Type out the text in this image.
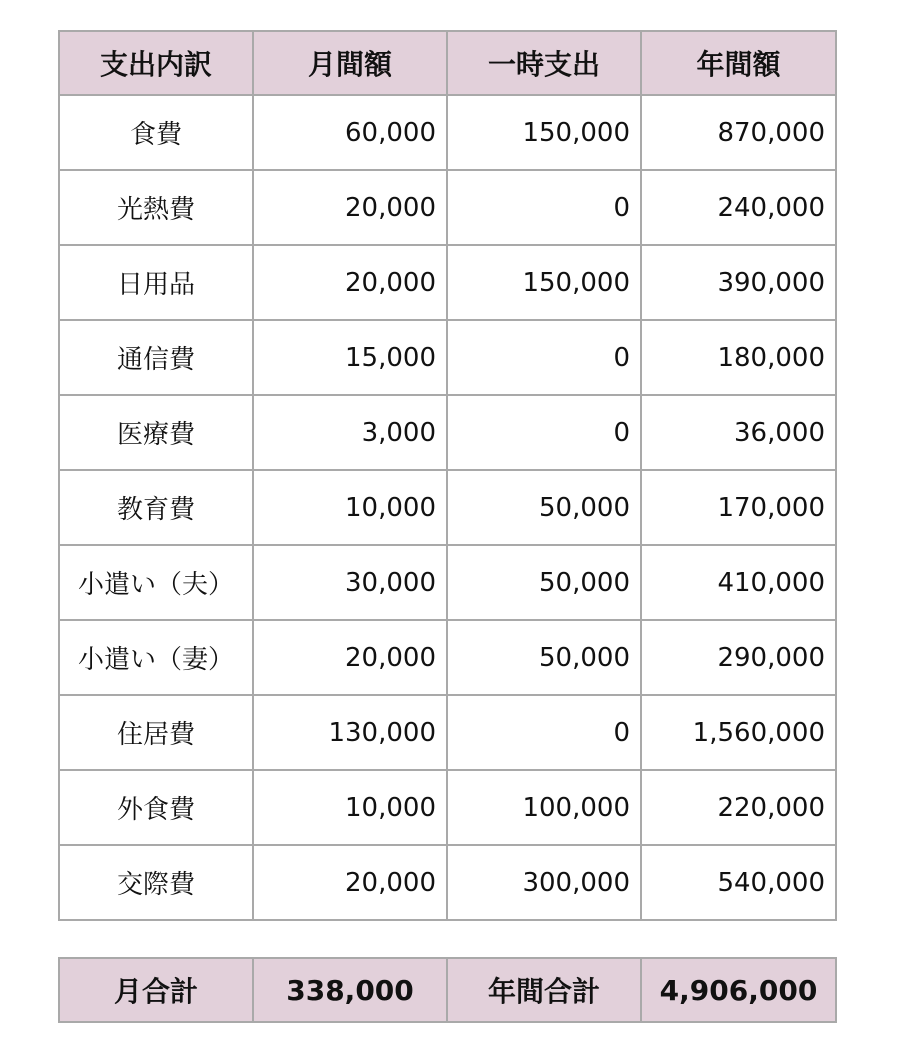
支出内訳	月間額	一時支出	年間額
食費	60,000	150,000	870,000
光熱費	20,000	0	240,000
日用品	20,000	150,000	390,000
通信費	15,000	0	180,000
医療費	3,000	0	36,000
教育費	10,000	50,000	170,000
小遣い（夫）	30,000	50,000	410,000
小遣い（妻）	20,000	50,000	290,000
住居費	130,000	0	1,560,000
外食費	10,000	100,000	220,000
交際費	20,000	300,000	540,000
月合計	338,000	年間合計	4,906,000
